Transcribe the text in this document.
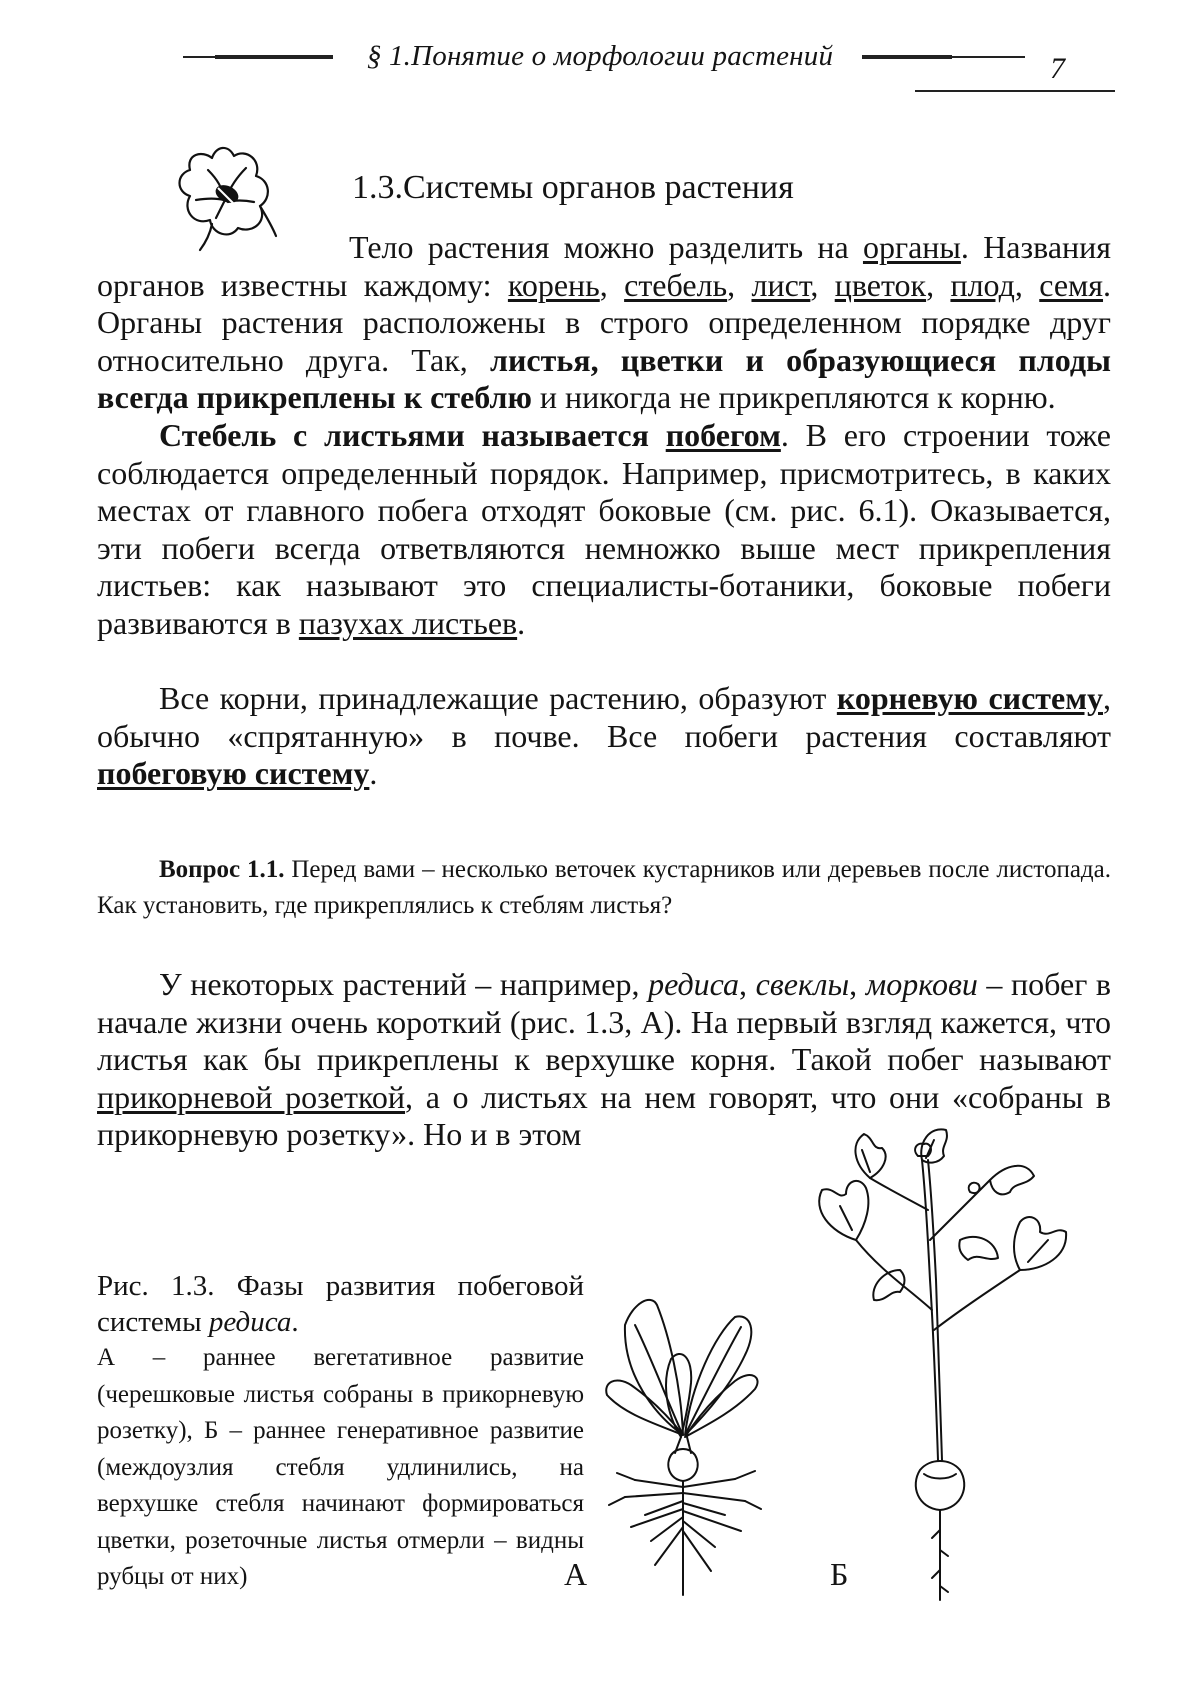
§ 1.Понятие о морфологии растений	7
1.3.Системы органов растения

Тело растения можно разделить на органы. Названия органов известны каждому: корень, стебель, лист, цветок, плод, семя. Органы растения расположены в строго определенном порядке друг относительно друга. Так, листья, цветки и образующиеся плоды всегда прикреплены к стеблю и никогда не прикрепляются к корню.

Стебель с листьями называется побегом. В его строении тоже соблюдается определенный порядок. Например, присмотритесь, в каких местах от главного побега отходят боковые (см. рис. 6.1). Оказывается, эти побеги всегда ответвляются немножко выше мест прикрепления листьев: как называют это специалисты-ботаники, боковые побеги развиваются в пазухах листьев.

Все корни, принадлежащие растению, образуют корневую систему, обычно «спрятанную» в почве. Все побеги растения составляют побеговую систему.

Вопрос 1.1. Перед вами – несколько веточек кустарников или деревьев после листопада. Как установить, где прикреплялись к стеблям листья?

У некоторых растений – например, редиса, свеклы, моркови – побег в начале жизни очень короткий (рис. 1.3, А). На первый взгляд кажется, что листья как бы прикреплены к верхушке корня. Такой побег называют прикорневой розеткой, а о листьях на нем говорят, что они «собраны в прикорневую розетку». Но и в этом

Рис. 1.3. Фазы развития побеговой системы редиса.

А – раннее вегетативное развитие (черешковые листья собраны в прикорневую розетку), Б – раннее генеративное развитие (междоузлия стебля удлинились, на верхушке стебля начинают формироваться цветки, розеточные листья отмерли – видны рубцы от них)	А	Б
